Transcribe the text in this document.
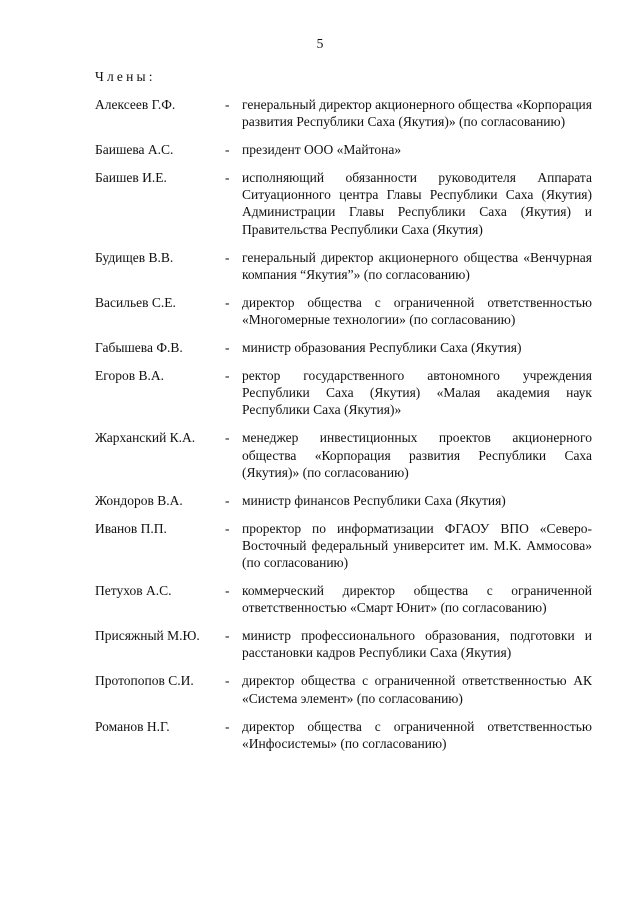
5
Члены:
Алексеев Г.Ф.	- генеральный директор акционерного общества «Корпорация развития Республики Саха (Якутия)» (по согласованию)
Баишева А.С.	- президент ООО «Майтона»
Баишев И.Е.	- исполняющий обязанности руководителя Аппарата Ситуационного центра Главы Республики Саха (Якутия) Администрации Главы Республики Саха (Якутия) и Правительства Республики Саха (Якутия)
Будищев В.В.	- генеральный директор акционерного общества «Венчурная компания “Якутия”» (по согласованию)
Васильев С.Е.	- директор общества с ограниченной ответственностью «Многомерные технологии» (по согласованию)
Габышева Ф.В.	- министр образования Республики Саха (Якутия)
Егоров В.А.	- ректор государственного автономного учреждения Республики Саха (Якутия) «Малая академия наук Республики Саха (Якутия)»
Жарханский К.А.	- менеджер инвестиционных проектов акционерного общества «Корпорация развития Республики Саха (Якутия)» (по согласованию)
Жондоров В.А.	- министр финансов Республики Саха (Якутия)
Иванов П.П.	- проректор по информатизации ФГАОУ ВПО «Северо-Восточный федеральный университет им. М.К. Аммосова» (по согласованию)
Петухов А.С.	- коммерческий директор общества с ограниченной ответственностью «Смарт Юнит» (по согласованию)
Присяжный М.Ю.	- министр профессионального образования, подготовки и расстановки кадров Республики Саха (Якутия)
Протопопов С.И.	- директор общества с ограниченной ответственностью АК «Система элемент» (по согласованию)
Романов Н.Г.	- директор общества с ограниченной ответственностью «Инфосистемы» (по согласованию)
